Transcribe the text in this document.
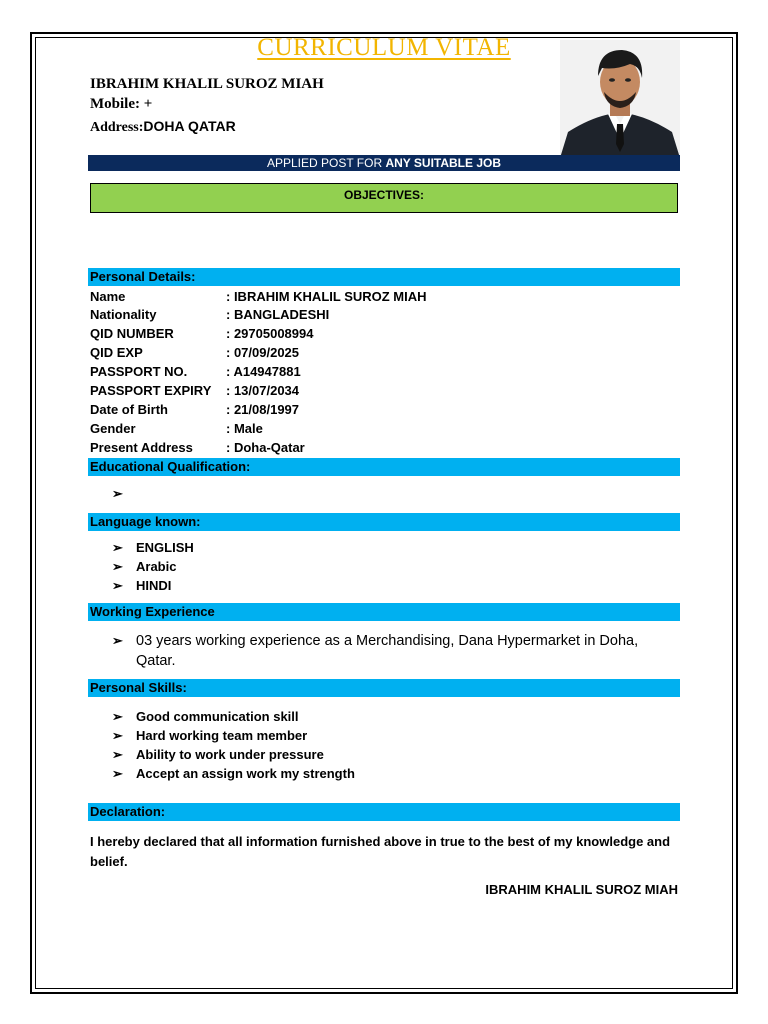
CURRICULUM VITAE
IBRAHIM KHALIL SUROZ MIAH
Mobile: +
Address:DOHA QATAR
APPLIED POST FOR ANY SUITABLE JOB
OBJECTIVES:
Personal Details:
Name	: IBRAHIM KHALIL SUROZ MIAH
Nationality	: BANGLADESHI
QID NUMBER	: 29705008994
QID EXP	: 07/09/2025
PASSPORT NO.	: A14947881
PASSPORT EXPIRY : 13/07/2034
Date of Birth	: 21/08/1997
Gender	: Male
Present Address	: Doha-Qatar
Educational Qualification:
➢
Language known:
➢ ENGLISH
➢ Arabic
➢ HINDI
Working Experience
➢ 03 years working experience as a Merchandising, Dana Hypermarket in Doha, Qatar.
Personal Skills:
➢ Good communication skill
➢ Hard working team member
➢ Ability to work under pressure
➢ Accept an assign work my strength
Declaration:
I hereby declared that all information furnished above in true to the best of my knowledge and belief.
IBRAHIM KHALIL SUROZ MIAH
